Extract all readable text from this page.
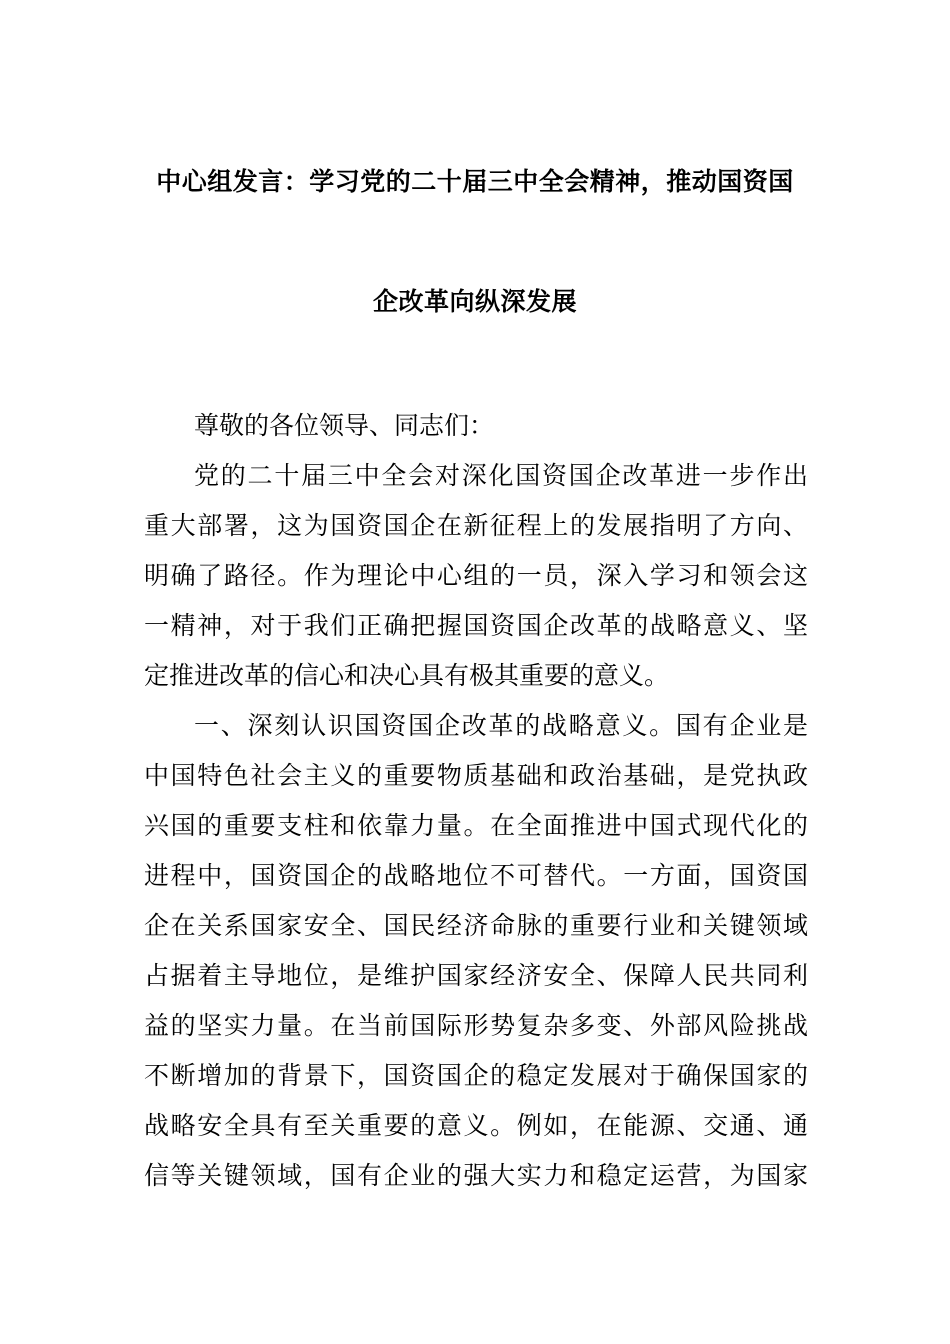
中心组发言：学习党的二十届三中全会精神，推动国资国
企改革向纵深发展
尊敬的各位领导、同志们：
党的二十届三中全会对深化国资国企改革进一步作出
重大部署，这为国资国企在新征程上的发展指明了方向、
明确了路径。作为理论中心组的一员，深入学习和领会这
一精神，对于我们正确把握国资国企改革的战略意义、坚
定推进改革的信心和决心具有极其重要的意义。
一、深刻认识国资国企改革的战略意义。国有企业是
中国特色社会主义的重要物质基础和政治基础，是党执政
兴国的重要支柱和依靠力量。在全面推进中国式现代化的
进程中，国资国企的战略地位不可替代。一方面，国资国
企在关系国家安全、国民经济命脉的重要行业和关键领域
占据着主导地位，是维护国家经济安全、保障人民共同利
益的坚实力量。在当前国际形势复杂多变、外部风险挑战
不断增加的背景下，国资国企的稳定发展对于确保国家的
战略安全具有至关重要的意义。例如，在能源、交通、通
信等关键领域，国有企业的强大实力和稳定运营，为国家
